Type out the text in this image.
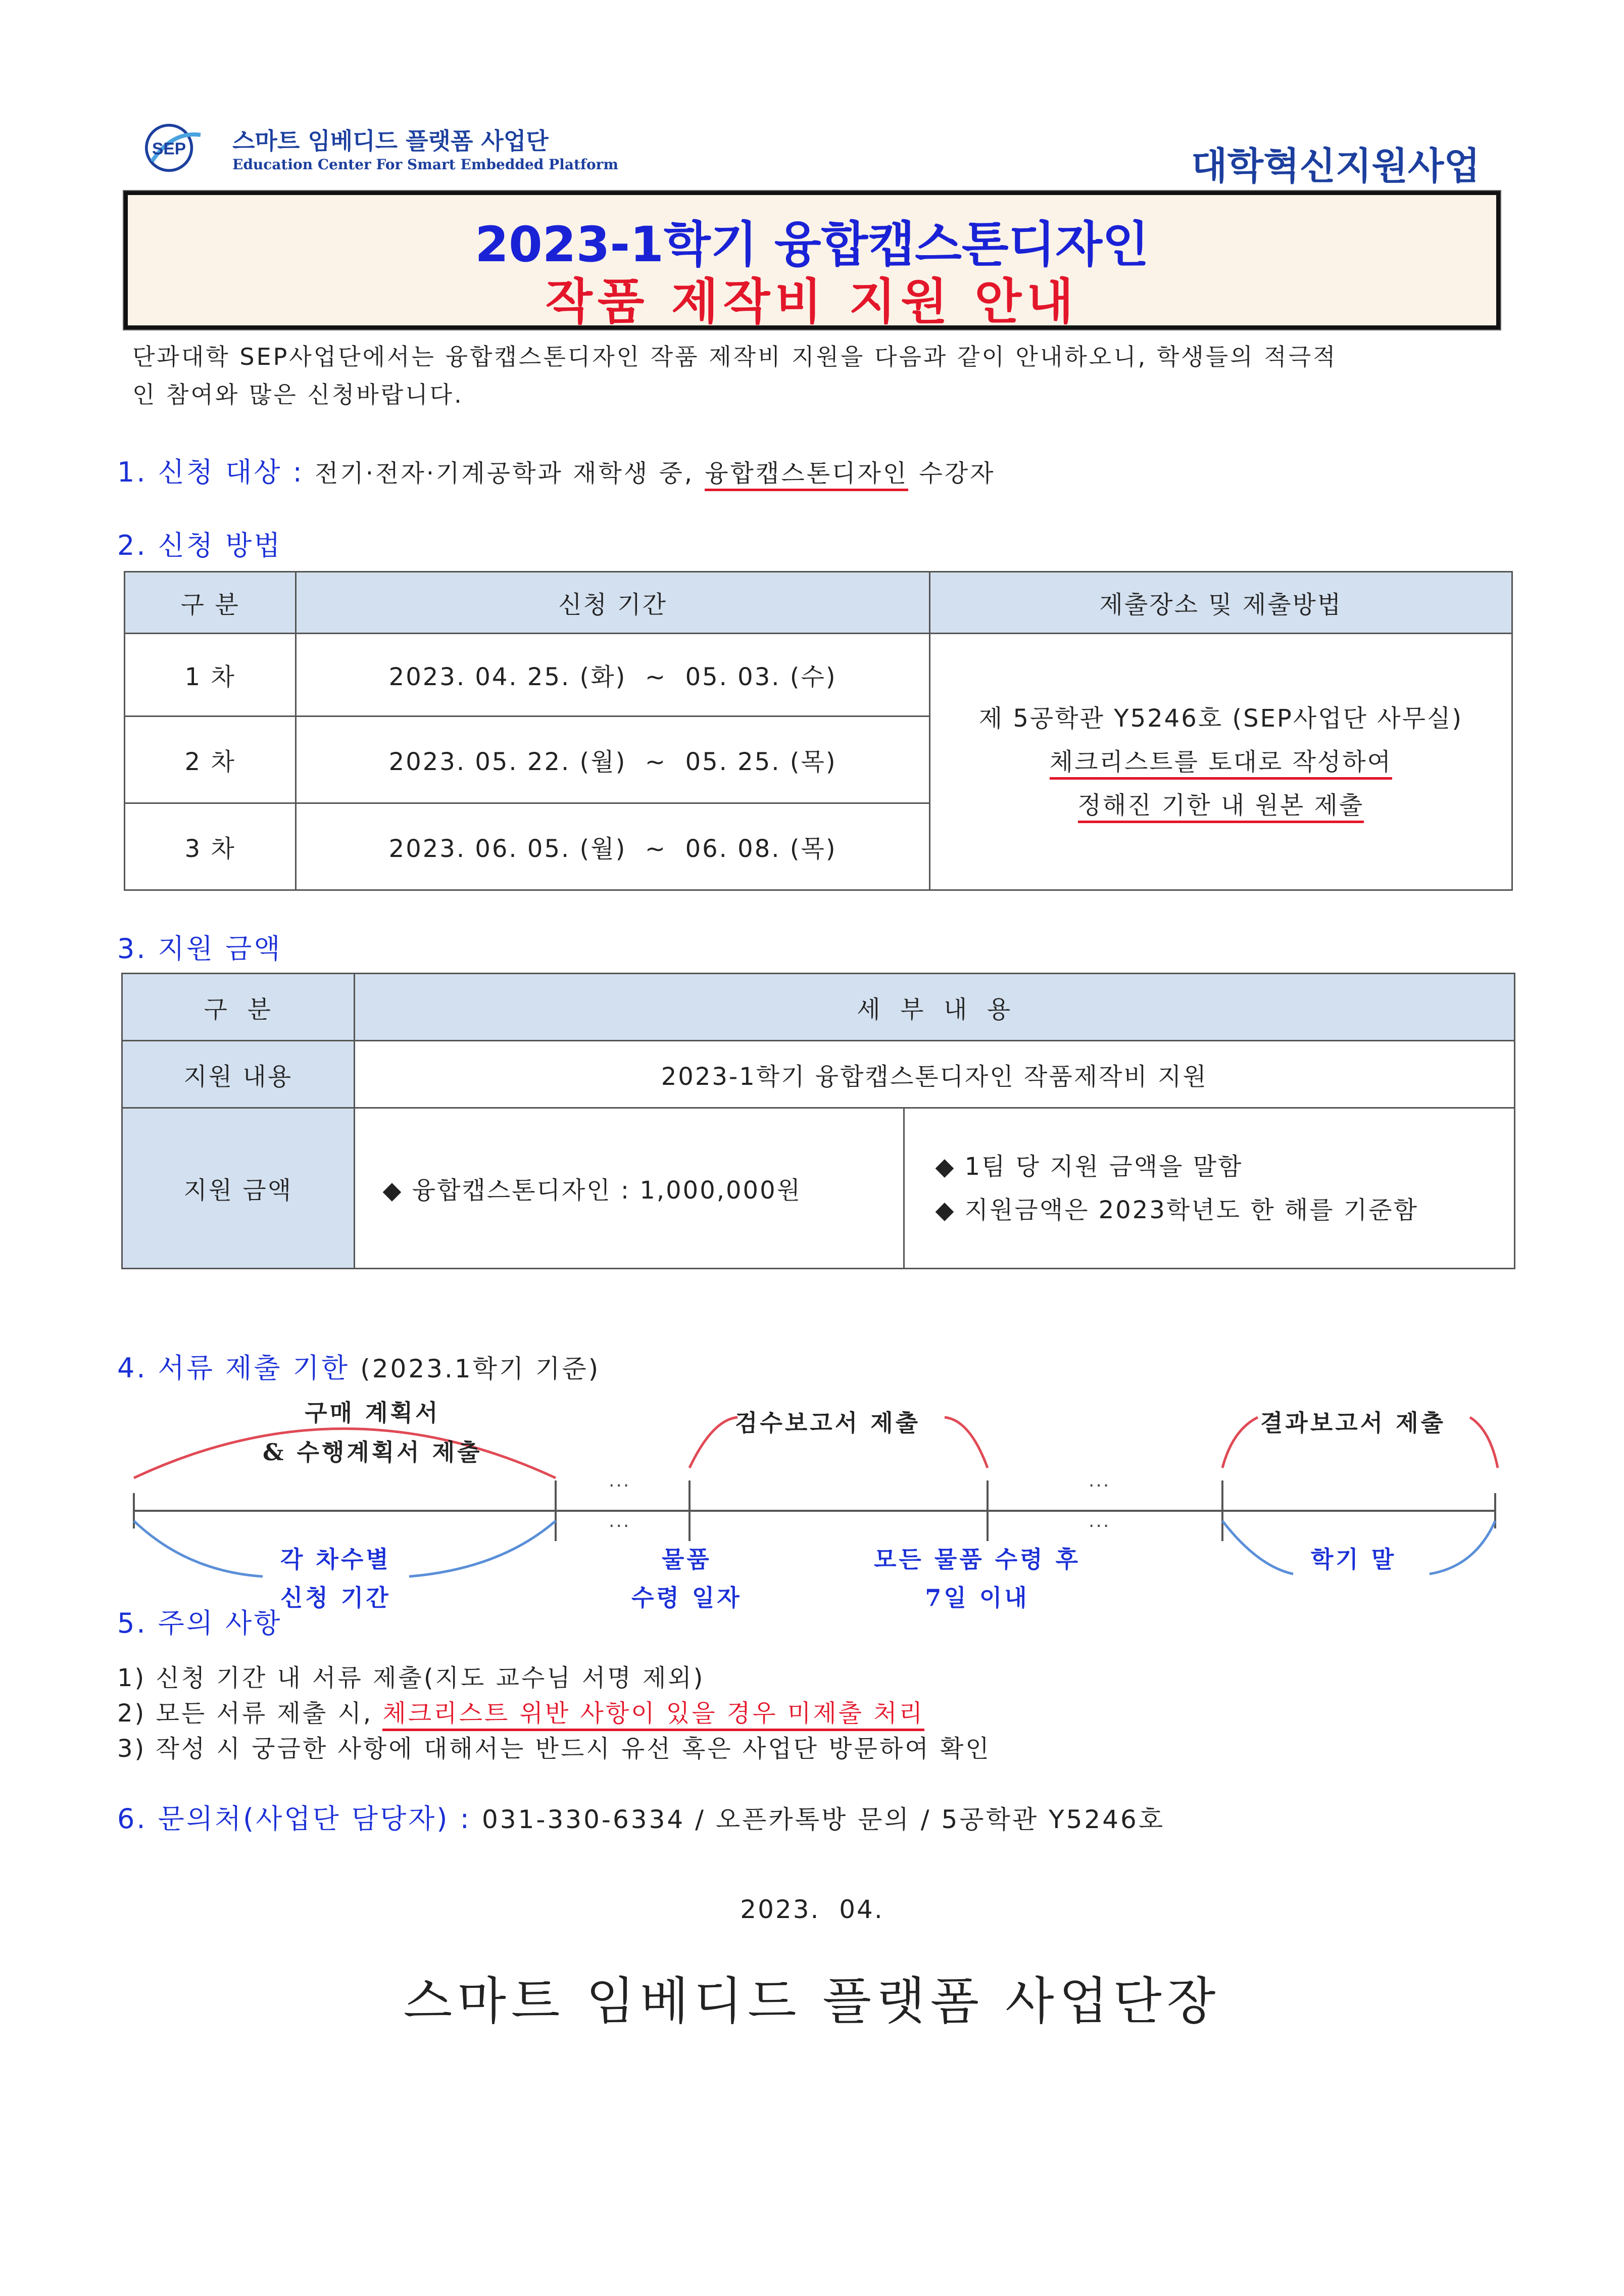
SEP 스마트 임베디드 플랫폼 사업단
Education Center For Smart Embedded Platform	대학혁신지원사업
2023-1학기 융합캡스톤디자인
작품 제작비 지원 안내
단과대학 SEP사업단에서는 융합캡스톤디자인 작품 제작비 지원을 다음과 같이 안내하오니, 학생들의 적극적
인 참여와 많은 신청바랍니다.
1. 신청 대상 : 전기·전자·기계공학과 재학생 중, 융합캡스톤디자인 수강자
2. 신청 방법
구 분	신청 기간	제출장소 및 제출방법
1 차	2023. 04. 25. (화)  ~  05. 03. (수)	제 5공학관 Y5246호 (SEP사업단 사무실)
체크리스트를 토대로 작성하여
정해진 기한 내 원본 제출

2 차	2023. 05. 22. (월)  ~  05. 25. (목)	
3 차	2023. 06. 05. (월)  ~  06. 08. (목)	
3. 지원 금액
구  분	세  부  내  용	
지원 내용	2023-1학기 융합캡스톤디자인 작품제작비 지원	
지원 금액	◆ 융합캡스톤디자인 : 1,000,000원	◆ 1팀 당 지원 금액을 말함
◆ 지원금액은 2023학년도 한 해를 기준함
4. 서류 제출 기한 (2023.1학기 기준)
구매 계획서
& 수행계획서 제출
검수보고서 제출	결과보고서 제출
···
···
···
···
각 차수별
신청 기간
물품
수령 일자
모든 물품 수령 후
7일 이내
학기 말
5. 주의 사항
1) 신청 기간 내 서류 제출(지도 교수님 서명 제외)
2) 모든 서류 제출 시, 체크리스트 위반 사항이 있을 경우 미제출 처리
3) 작성 시 궁금한 사항에 대해서는 반드시 유선 혹은 사업단 방문하여 확인
6. 문의처(사업단 담당자) : 031-330-6334 / 오픈카톡방 문의 / 5공학관 Y5246호
2023.  04.
스마트 임베디드 플랫폼 사업단장
